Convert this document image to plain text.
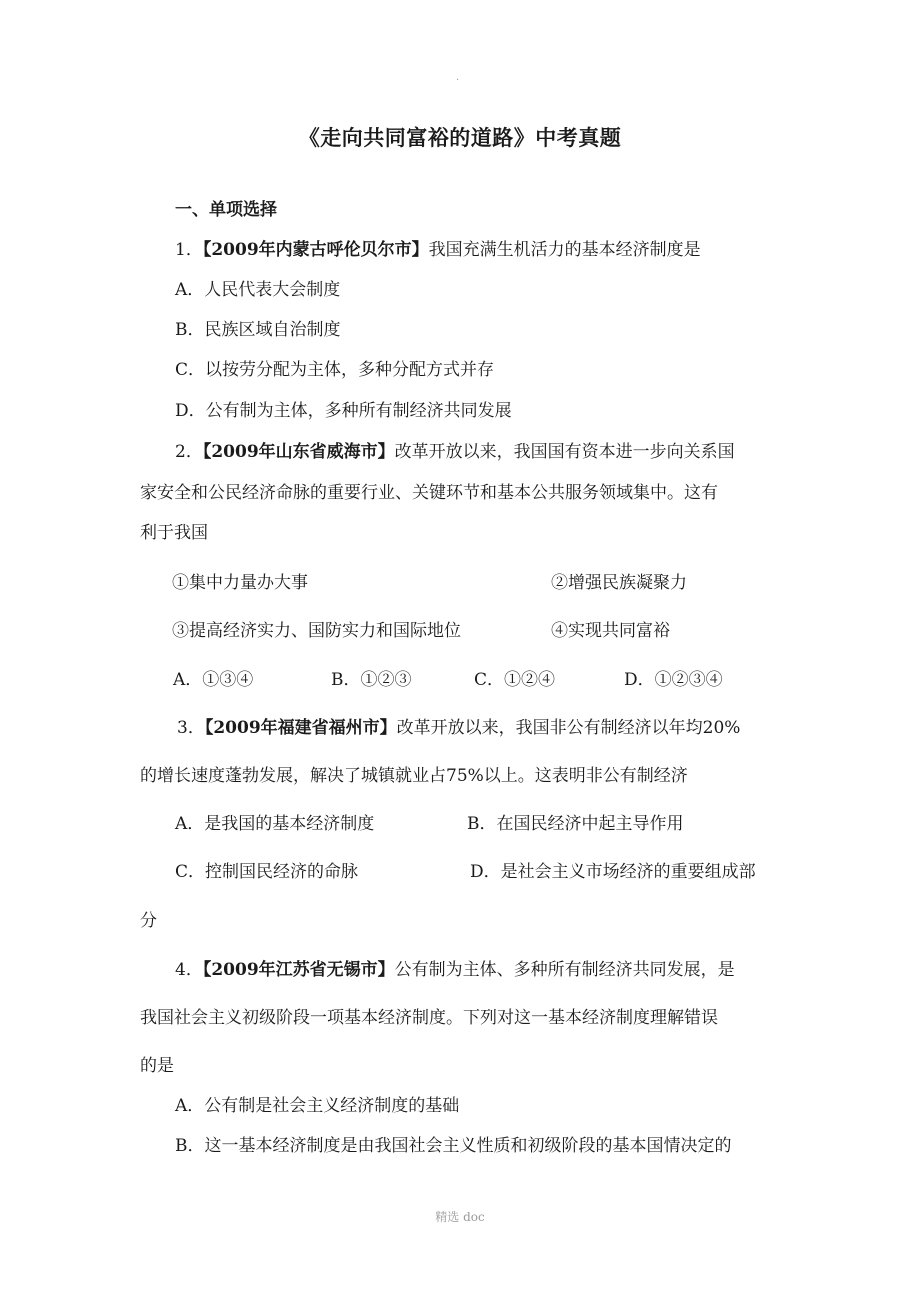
.
《走向共同富裕的道路》中考真题
一、单项选择
1．【2009年内蒙古呼伦贝尔市】我国充满生机活力的基本经济制度是
A．人民代表大会制度
B．民族区域自治制度
C．以按劳分配为主体，多种分配方式并存
D．公有制为主体，多种所有制经济共同发展
2．【2009年山东省威海市】改革开放以来，我国国有资本进一步向关系国
家安全和公民经济命脉的重要行业、关键环节和基本公共服务领域集中。这有
利于我国
①集中力量办大事	②增强民族凝聚力
③提高经济实力、国防实力和国际地位	④实现共同富裕
A．①③④	B．①②③	C．①②④	D．①②③④
3．【2009年福建省福州市】改革开放以来，我国非公有制经济以年均20%
的增长速度蓬勃发展，解决了城镇就业占75%以上。这表明非公有制经济
A．是我国的基本经济制度	B．在国民经济中起主导作用
C．控制国民经济的命脉	D．是社会主义市场经济的重要组成部
分
4．【2009年江苏省无锡市】公有制为主体、多种所有制经济共同发展，是
我国社会主义初级阶段一项基本经济制度。下列对这一基本经济制度理解错误
的是
A．公有制是社会主义经济制度的基础
B．这一基本经济制度是由我国社会主义性质和初级阶段的基本国情决定的
精选 doc
